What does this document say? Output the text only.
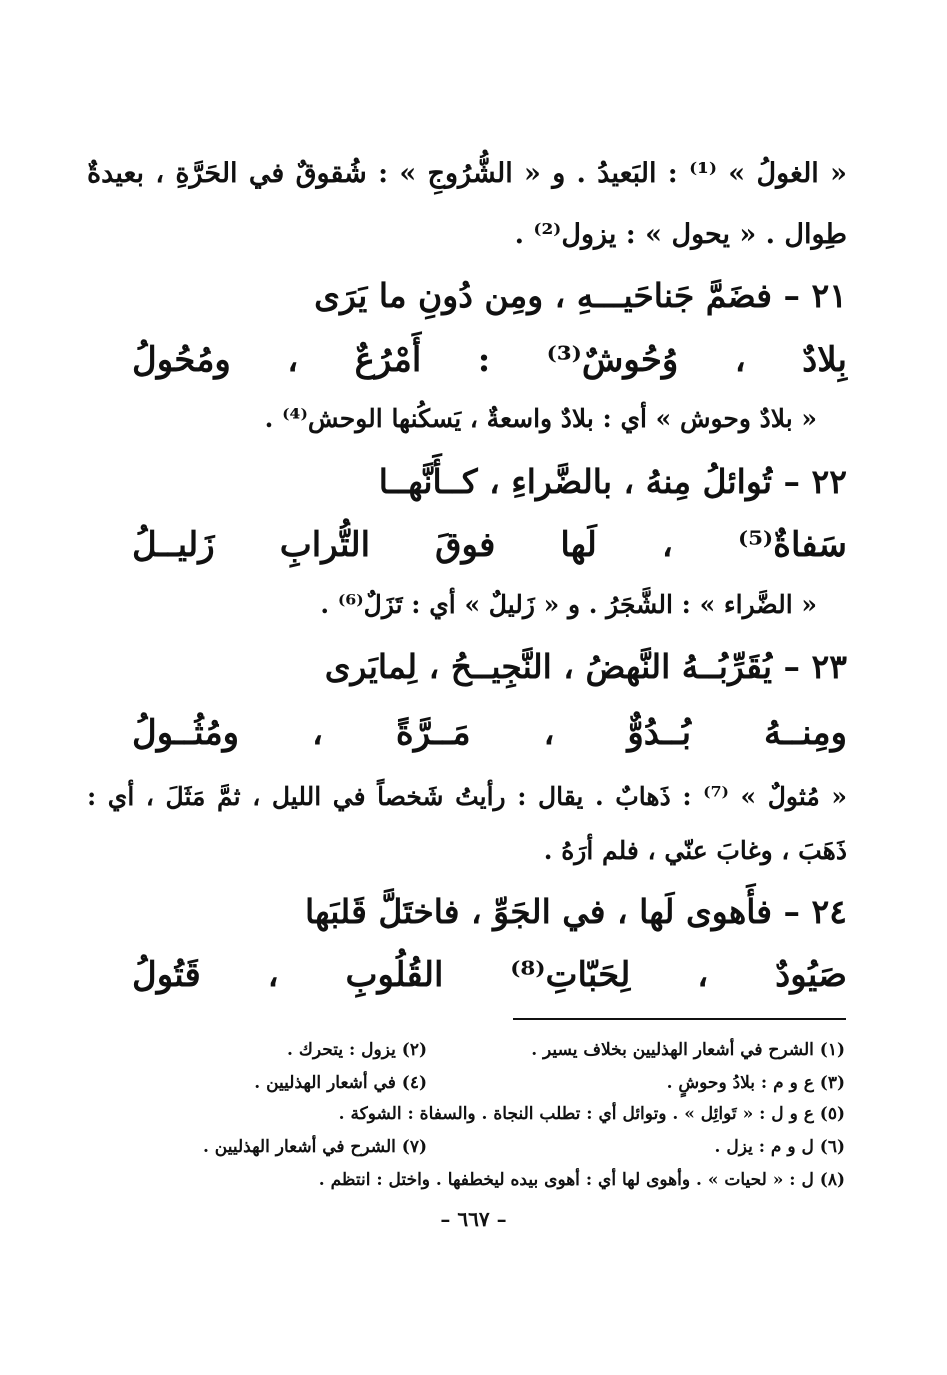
« الغولُ » ⁽¹⁾ : البَعيدُ . و « الشُّرُوجِ » : شُقوقٌ في الحَرَّةِ ، بعيدةٌ
طِوال . « يحول » : يزول⁽²⁾ .
٢١ – فضَمَّ جَناحَيـــهِ ، ومِن دُونِ ما يَرَى
بِلادٌ ، وُحُوشٌ⁽³⁾ : أَمْرُعٌ ، ومُحُولُ
« بلادٌ وحوش » أي : بلادٌ واسعةٌ ، يَسكُنها الوحش⁽⁴⁾ .
٢٢ – تُوائلُ مِنهُ ، بالضَّراءِ ، كــأَنَّهــا
سَفاةٌ⁽⁵⁾ ، لَها فوقَ التُّرابِ زَليــلُ
« الضَّراء » : الشَّجَرُ . و « زَليلٌ » أي : تَزَلٌ⁽⁶⁾ .
٢٣ – يُقَرِّبُــهُ النَّهضُ ، النَّجِيــحُ ، لِمايَرى
ومِنــهُ بُــدُوٌّ ، مَــرَّةً ، ومُثُــولُ
« مُثولٌ » ⁽⁷⁾ : ذَهابٌ . يقال : رأيتُ شَخصاً في الليل ، ثمَّ مَثَلَ ، أي :
ذَهَبَ ، وغابَ عنّي ، فلم أرَهُ .
٢٤ – فأَهوى لَها ، في الجَوِّ ، فاختَلَّ قَلبَها
صَيُودٌ ، لِحَبّاتِ⁽⁸⁾ القُلُوبِ ، قَتُولُ
(١) الشرح في أشعار الهذليين بخلاف يسير .
(٢) يزول : يتحرك .
(٣) ع و م : بلادُ وحوشٍ .
(٤) في أشعار الهذليين .
(٥) ع و ل : « تَوائِل » . وتوائل أي : تطلب النجاة . والسفاة : الشوكة .
(٦) ل و م : يزل .
(٧) الشرح في أشعار الهذليين .
(٨) ل : « لحيات » . وأهوى لها أي : أهوى بيده ليخطفها . واختل : انتظم .
– ٦٦٧ –
